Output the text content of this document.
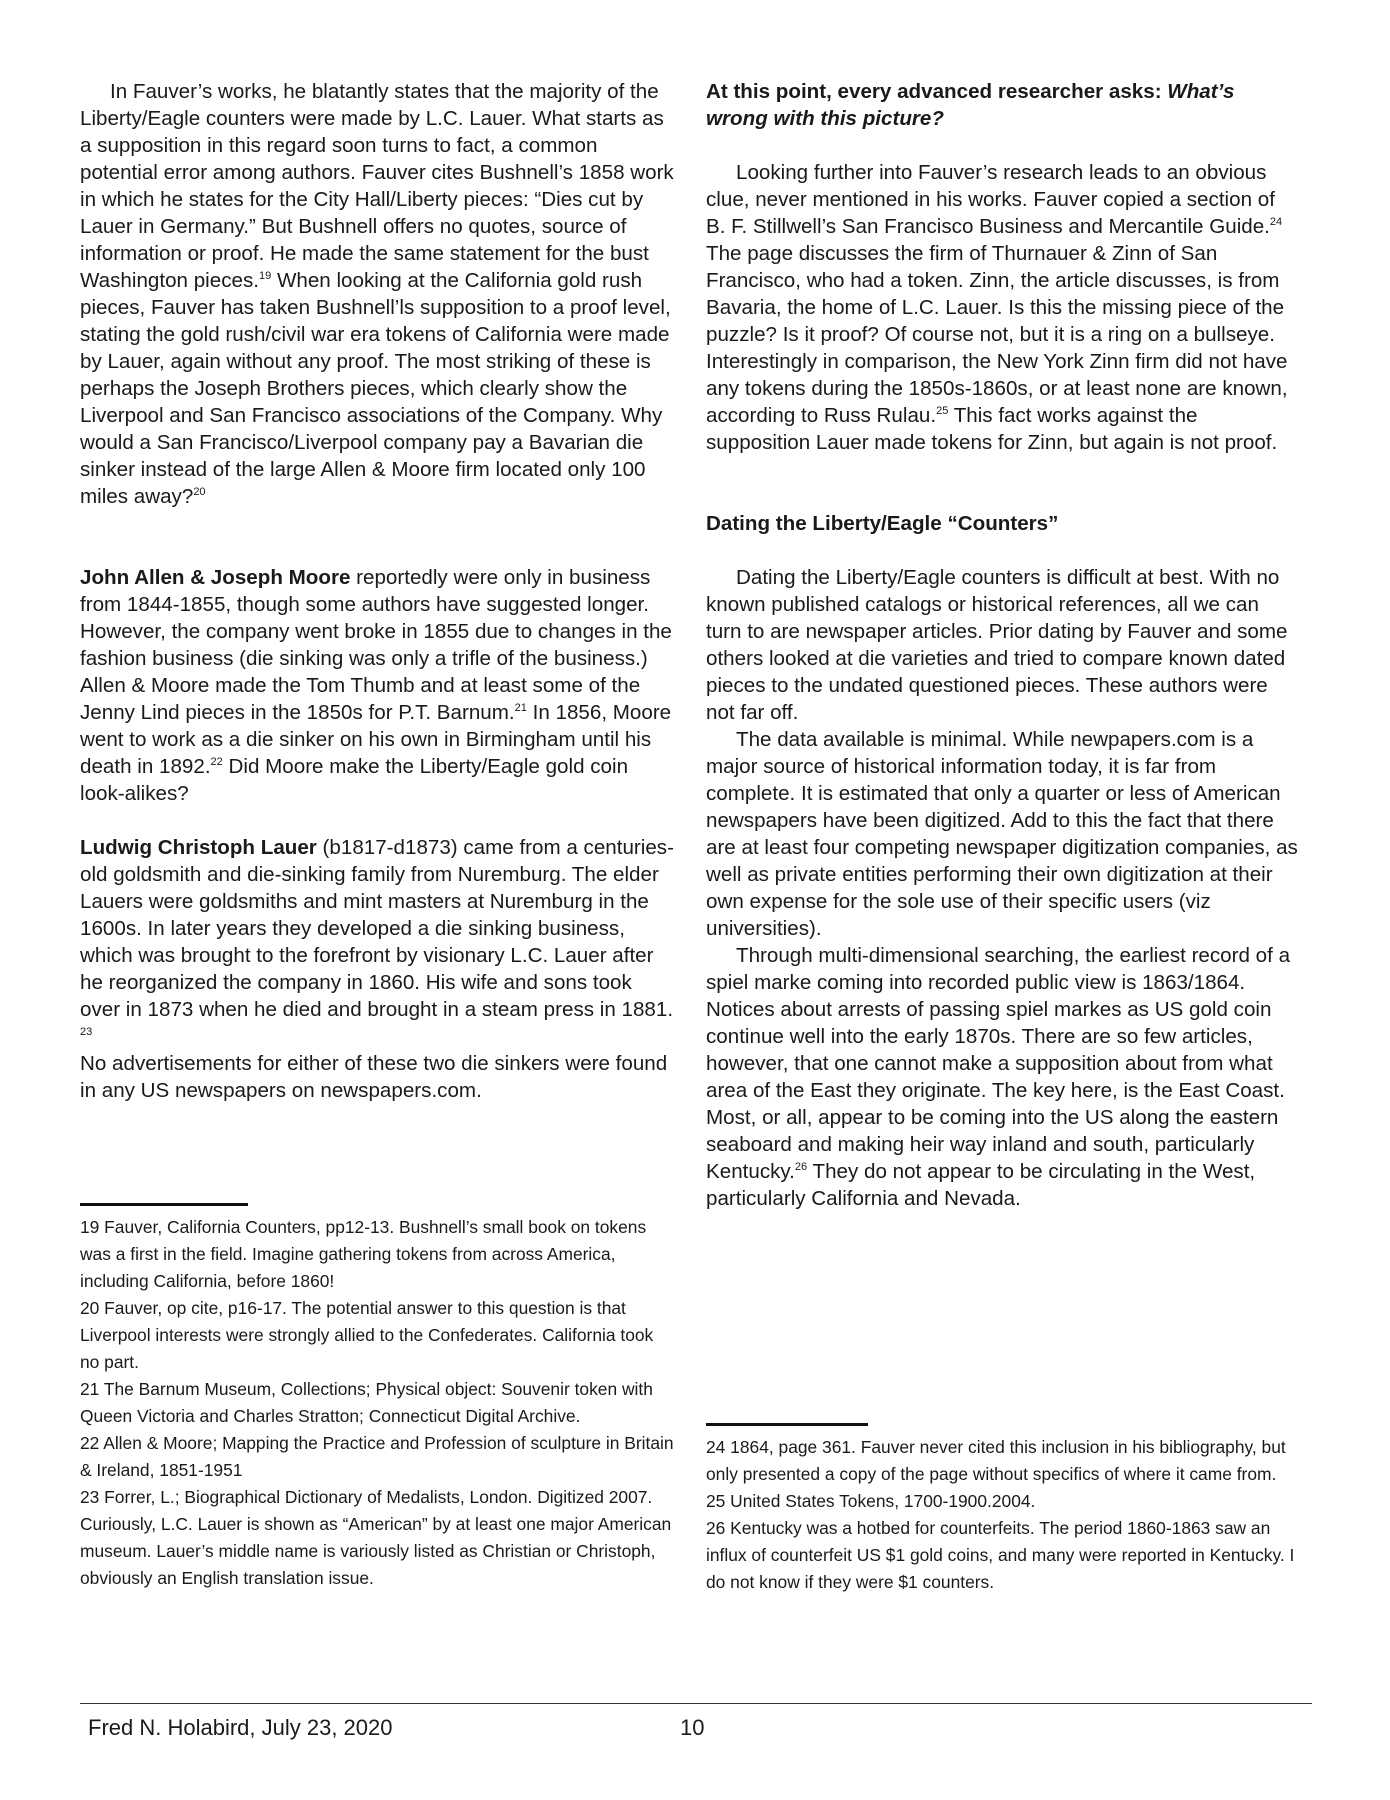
In Fauver’s works, he blatantly states that the majority of the Liberty/Eagle counters were made by L.C. Lauer. What starts as a supposition in this regard soon turns to fact, a common potential error among authors. Fauver cites Bushnell’s 1858 work in which he states for the City Hall/Liberty pieces: “Dies cut by Lauer in Germany.” But Bushnell offers no quotes, source of information or proof. He made the same statement for the bust Washington pieces.$^{19}$ When looking at the California gold rush pieces, Fauver has taken Bushnell’ls supposition to a proof level, stating the gold rush/civil war era tokens of California were made by Lauer, again without any proof. The most striking of these is perhaps the Joseph Brothers pieces, which clearly show the Liverpool and San Francisco associations of the Company. Why would a San Francisco/Liverpool company pay a Bavarian die sinker instead of the large Allen & Moore firm located only 100 miles away?$^{20}$

John Allen & Joseph Moore reportedly were only in business from 1844-1855, though some authors have suggested longer. However, the company went broke in 1855 due to changes in the fashion business (die sinking was only a trifle of the business.) Allen & Moore made the Tom Thumb and at least some of the Jenny Lind pieces in the 1850s for P.T. Barnum.$^{21}$ In 1856, Moore went to work as a die sinker on his own in Birmingham until his death in 1892.22 Did Moore make the Liberty/Eagle gold coin look-alikes?

Ludwig Christoph Lauer (b1817-d1873) came from a centuries-old goldsmith and die-sinking family from Nuremburg. The elder Lauers were goldsmiths and mint masters at Nuremburg in the 1600s. In later years they developed a die sinking business, which was brought to the forefront by visionary L.C. Lauer after he reorganized the company in 1860. His wife and sons took over in 1873 when he died and brought in a steam press in 1881. $^{23}$

No advertisements for either of these two die sinkers were found in any US newspapers on newspapers.com.

At this point, every advanced researcher asks: What’s wrong with this picture?

Looking further into Fauver’s research leads to an obvious clue, never mentioned in his works. Fauver copied a section of B. F. Stillwell’s San Francisco Business and Mercantile Guide.$^{24}$ The page discusses the firm of Thurnauer & Zinn of San Francisco, who had a token. Zinn, the article discusses, is from Bavaria, the home of L.C. Lauer. Is this the missing piece of the puzzle? Is it proof? Of course not, but it is a ring on a bullseye. Interestingly in comparison, the New York Zinn firm did not have any tokens during the 1850s-1860s, or at least none are known, according to Russ Rulau.$^{25}$ This fact works against the supposition Lauer made tokens for Zinn, but again is not proof.

Dating the Liberty/Eagle “Counters”

Dating the Liberty/Eagle counters is difficult at best. With no known published catalogs or historical references, all we can turn to are newspaper articles. Prior dating by Fauver and some others looked at die varieties and tried to compare known dated pieces to the undated questioned pieces. These authors were not far off.

The data available is minimal. While newpapers.com is a major source of historical information today, it is far from complete. It is estimated that only a quarter or less of American newspapers have been digitized. Add to this the fact that there are at least four competing newspaper digitization companies, as well as private entities performing their own digitization at their own expense for the sole use of their specific users (viz universities).

Through multi-dimensional searching, the earliest record of a spiel marke coming into recorded public view is 1863/1864. Notices about arrests of passing spiel markes as US gold coin continue well into the early 1870s. There are so few articles, however, that one cannot make a supposition about from what area of the East they originate. The key here, is the East Coast. Most, or all, appear to be coming into the US along the eastern seaboard and making heir way inland and south, particularly Kentucky.$^{26}$ They do not appear to be circulating in the West, particularly California and Nevada.

19 Fauver, California Counters, pp12-13. Bushnell’s small book on tokens was a first in the field. Imagine gathering tokens from across America, including California, before 1860!

20 Fauver, op cite, p16-17. The potential answer to this question is that Liverpool interests were strongly allied to the Confederates. California took no part.

21 The Barnum Museum, Collections; Physical object: Souvenir token with Queen Victoria and Charles Stratton; Connecticut Digital Archive.

22 Allen & Moore; Mapping the Practice and Profession of sculpture in Britain & Ireland, 1851-1951

23 Forrer, L.; Biographical Dictionary of Medalists, London. Digitized 2007. Curiously, L.C. Lauer is shown as “American” by at least one major American museum. Lauer’s middle name is variously listed as Christian or Christoph, obviously an English translation issue.

24 1864, page 361. Fauver never cited this inclusion in his bibliography, but only presented a copy of the page without specifics of where it came from.

25 United States Tokens, 1700-1900.2004.

26 Kentucky was a hotbed for counterfeits. The period 1860-1863 saw an influx of counterfeit US $1 gold coins, and many were reported in Kentucky. I do not know if they were $1 counters.

Fred N. Holabird, July 23, 2020	10
